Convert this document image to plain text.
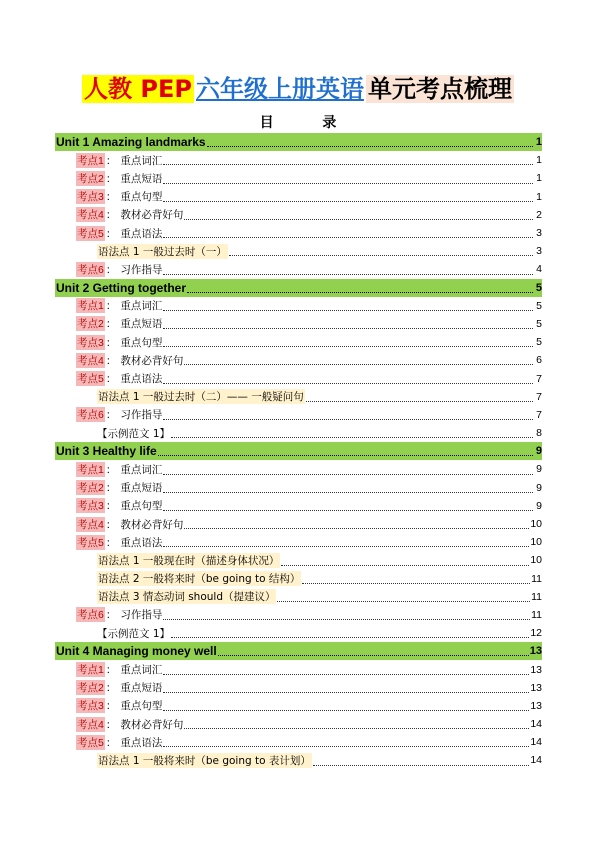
人教 PEP 六年级上册英语 单元考点梳理
目 录
Unit 1 Amazing landmarks	1
考点1 ： 重点词汇	1
考点2 ： 重点短语	1
考点3 ： 重点句型	1
考点4 ： 教材必背好句	2
考点5 ： 重点语法	3
语法点 1 一般过去时（一）	3
考点6 ： 习作指导	4
Unit 2 Getting together	5
考点1 ： 重点词汇	5
考点2 ： 重点短语	5
考点3 ： 重点句型	5
考点4 ： 教材必背好句	6
考点5 ： 重点语法	7
语法点 1 一般过去时（二）—— 一般疑问句	7
考点6 ： 习作指导	7
【示例范文 1】	8
Unit 3 Healthy life	9
考点1 ： 重点词汇	9
考点2 ： 重点短语	9
考点3 ： 重点句型	9
考点4 ： 教材必背好句	10
考点5 ： 重点语法	10
语法点 1 一般现在时（描述身体状况）	10
语法点 2 一般将来时（be going to 结构）	11
语法点 3 情态动词 should（提建议）	11
考点6 ： 习作指导	11
【示例范文 1】	12
Unit 4 Managing money well	13
考点1 ： 重点词汇	13
考点2 ： 重点短语	13
考点3 ： 重点句型	13
考点4 ： 教材必背好句	14
考点5 ： 重点语法	14
语法点 1 一般将来时（be going to 表计划）	14
